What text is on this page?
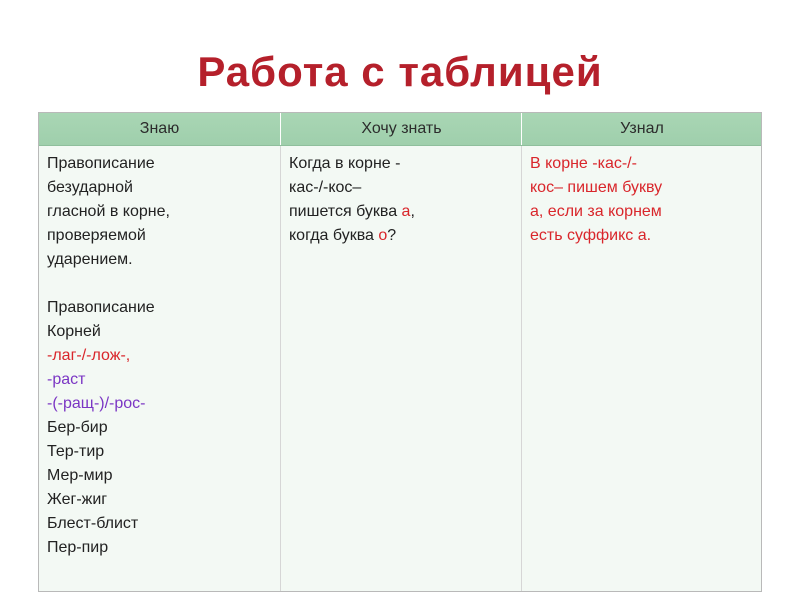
Работа с таблицей
Знаю	Хочу знать	Узнал
Правописание
безударной
гласной в корне,
проверяемой
ударением.
Правописание
Корней
-лаг-/-лож-,
-раст
-(-ращ-)/-рос-
Бер-бир
Тер-тир
Мер-мир
Жег-жиг
Блест-блист
Пер-пир
Когда в корне -
кас-/-кос–
пишется буква а,
когда буква о?
В корне -кас-/-
кос– пишем букву
а, если за корнем
есть суффикс а.
